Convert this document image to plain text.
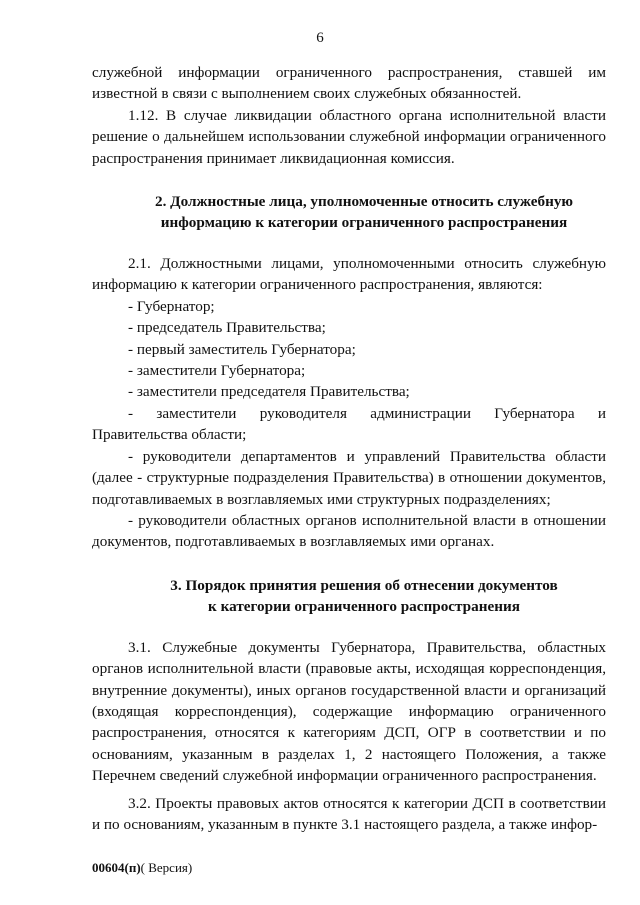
6

служебной информации ограниченного распространения, ставшей им известной в связи с выполнением своих служебных обязанностей.

1.12. В случае ликвидации областного органа исполнительной власти решение о дальнейшем использовании служебной информации ограниченного распространения принимает ликвидационная комиссия.

2. Должностные лица, уполномоченные относить служебную
информацию к категории ограниченного распространения

2.1. Должностными лицами, уполномоченными относить служебную информацию к категории ограниченного распространения, являются:

- Губернатор;

- председатель Правительства;

- первый заместитель Губернатора;

- заместители Губернатора;

- заместители председателя Правительства;

- заместители руководителя администрации Губернатора и Правительства области;

- руководители департаментов и управлений Правительства области (далее - структурные подразделения Правительства) в отношении документов, подготавливаемых в возглавляемых ими структурных подразделениях;

- руководители областных органов исполнительной власти в отношении документов, подготавливаемых в возглавляемых ими органах.

3. Порядок принятия решения об отнесении документов
к категории ограниченного распространения

3.1. Служебные документы Губернатора, Правительства, областных органов исполнительной власти (правовые акты, исходящая корреспонденция, внутренние документы), иных органов государственной власти и организаций (входящая корреспонденция), содержащие информацию ограниченного распространения, относятся к категориям ДСП, ОГР в соответствии и по основаниям, указанным в разделах 1, 2 настоящего Положения, а также Перечнем сведений служебной информации ограниченного распространения.

3.2. Проекты правовых актов относятся к категории ДСП в соответствии и по основаниям, указанным в пункте 3.1 настоящего раздела, а также инфор-

00604(п)( Версия)
